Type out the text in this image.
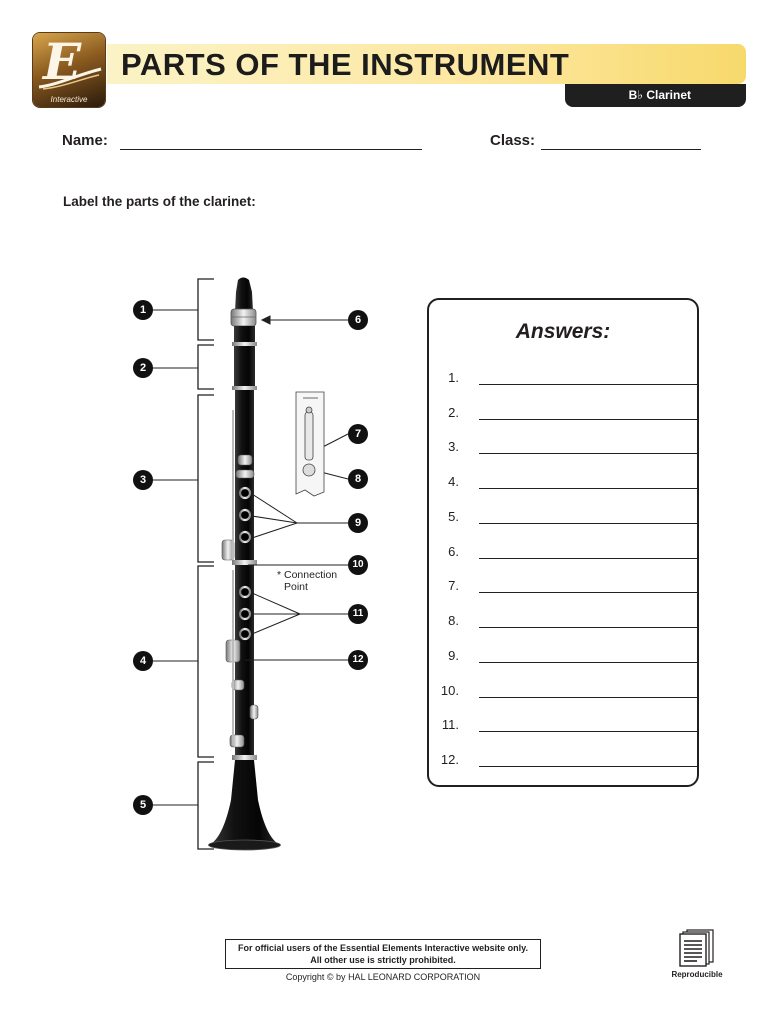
E
Interactive
PARTS OF THE INSTRUMENT
B♭ Clarinet
Name:	Class:
Label the parts of the clarinet:
1
2
3
4
5
6
7
8
9
10
11
12
* Connection
Point
Answers:
1.
2.
3.
4.
5.
6.
7.
8.
9.
10.
11.
12.
For official users of the Essential Elements Interactive website only.
All other use is strictly prohibited.
Copyright © by HAL LEONARD CORPORATION	Reproducible
